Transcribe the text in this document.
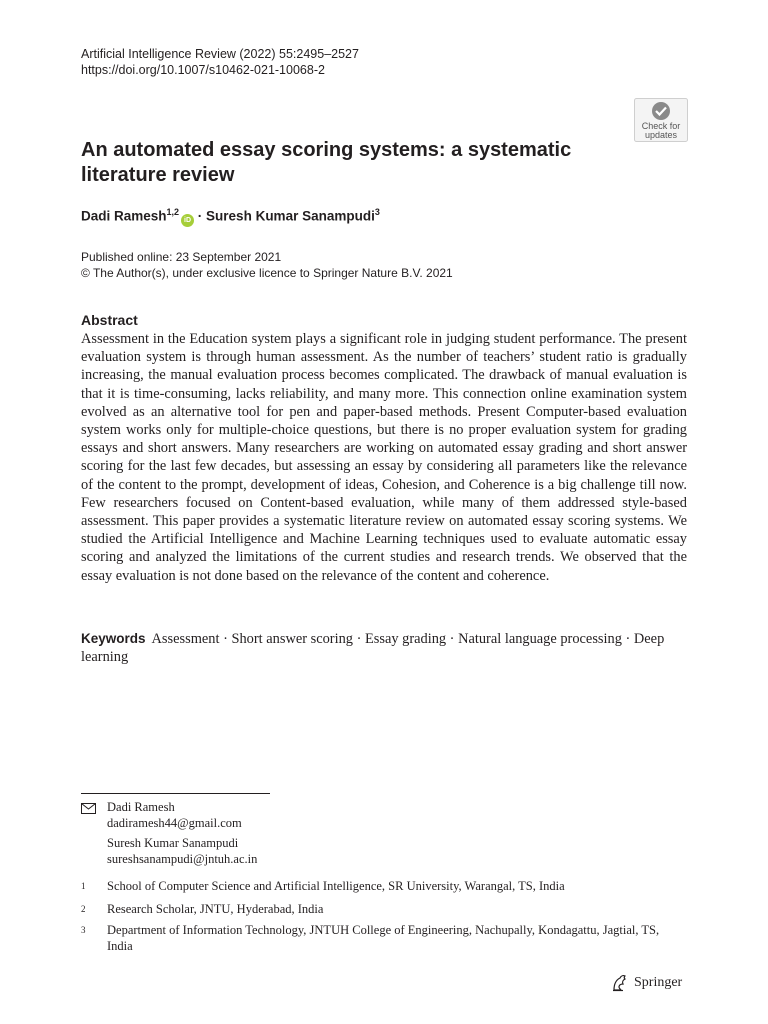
Artificial Intelligence Review (2022) 55:2495–2527
https://doi.org/10.1007/s10462-021-10068-2
Check for
updates
An automated essay scoring systems: a systematic literature review
Dadi Ramesh$^{1,2}$iD · Suresh Kumar Sanampudi$^3$
Published online: 23 September 2021
© The Author(s), under exclusive licence to Springer Nature B.V. 2021
Abstract
Assessment in the Education system plays a significant role in judging student performance. The present evaluation system is through human assessment. As the number of teachers’ student ratio is gradually increasing, the manual evaluation process becomes complicated. The drawback of manual evaluation is that it is time-consuming, lacks reliability, and many more. This connection online examination system evolved as an alternative tool for pen and paper-based methods. Present Computer-based evaluation system works only for multiple-choice questions, but there is no proper evaluation system for grading essays and short answers. Many researchers are working on automated essay grading and short answer scoring for the last few decades, but assessing an essay by considering all parameters like the relevance of the content to the prompt, development of ideas, Cohesion, and Coherence is a big challenge till now. Few researchers focused on Content-based evaluation, while many of them addressed style-based assessment. This paper provides a systematic literature review on automated essay scoring systems. We studied the Artificial Intelligence and Machine Learning techniques used to evaluate automatic essay scoring and analyzed the limitations of the current studies and research trends. We observed that the essay evaluation is not done based on the relevance of the content and coherence.
Keywords Assessment · Short answer scoring · Essay grading · Natural language processing · Deep learning
Dadi Ramesh
dadiramesh44@gmail.com
Suresh Kumar Sanampudi
sureshsanampudi@jntuh.ac.in
1 School of Computer Science and Artificial Intelligence, SR University, Warangal, TS, India
2 Research Scholar, JNTU, Hyderabad, India
3 Department of Information Technology, JNTUH College of Engineering, Nachupally, Kondagattu, Jagtial, TS, India
Springer
